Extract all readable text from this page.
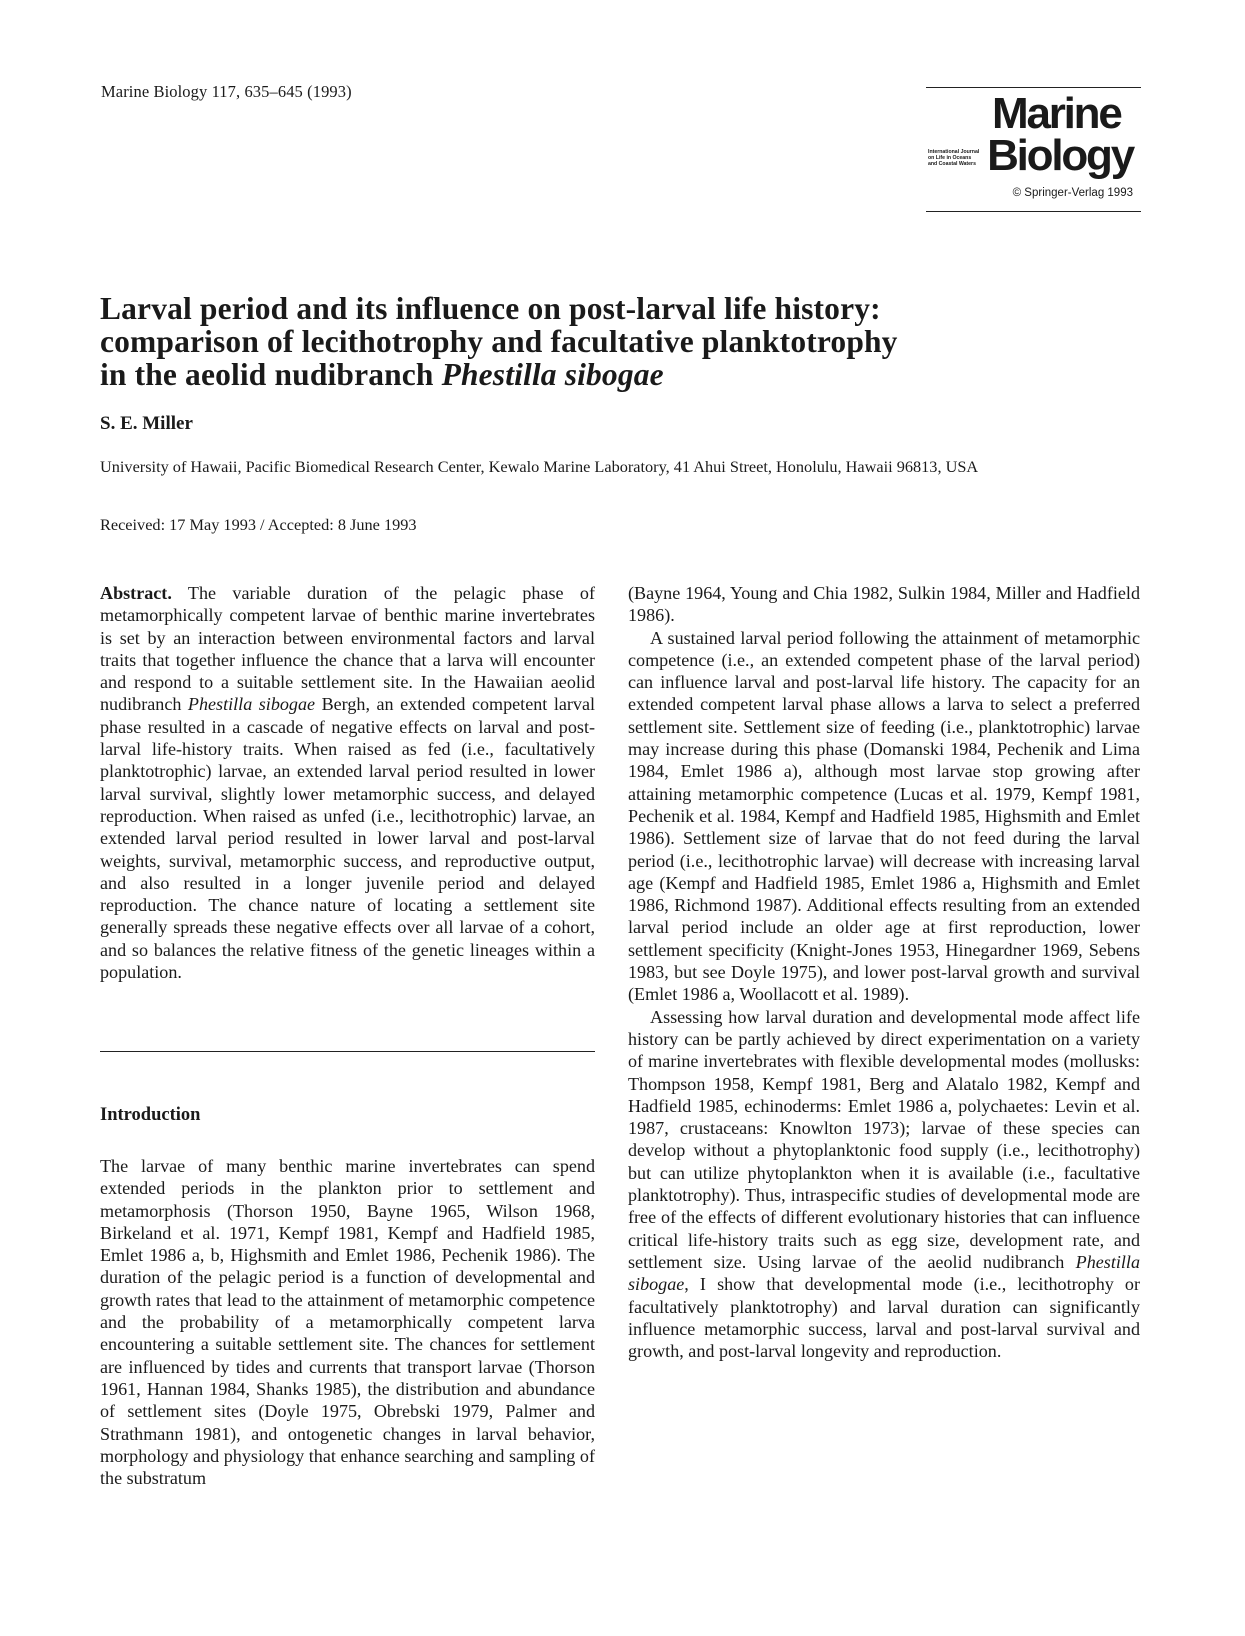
Marine Biology 117, 635–645 (1993)	Marine
Biology
International Journal
on Life in Oceans
and Coastal Waters
© Springer-Verlag 1993
Larval period and its influence on post-larval life history:
comparison of lecithotrophy and facultative planktotrophy
in the aeolid nudibranch Phestilla sibogae
S. E. Miller
University of Hawaii, Pacific Biomedical Research Center, Kewalo Marine Laboratory, 41 Ahui Street, Honolulu, Hawaii 96813, USA
Received: 17 May 1993 / Accepted: 8 June 1993

Abstract. The variable duration of the pelagic phase of metamorphically competent larvae of benthic marine invertebrates is set by an interaction between environmental factors and larval traits that together influence the chance that a larva will encounter and respond to a suitable settlement site. In the Hawaiian aeolid nudibranch Phestilla sibogae Bergh, an extended competent larval phase resulted in a cascade of negative effects on larval and post-larval life-history traits. When raised as fed (i.e., facultatively planktotrophic) larvae, an extended larval period resulted in lower larval survival, slightly lower metamorphic success, and delayed reproduction. When raised as unfed (i.e., lecithotrophic) larvae, an extended larval period resulted in lower larval and post-larval weights, survival, metamorphic success, and reproductive output, and also resulted in a longer juvenile period and delayed reproduction. The chance nature of locating a settlement site generally spreads these negative effects over all larvae of a cohort, and so balances the relative fitness of the genetic lineages within a population.

Introduction

The larvae of many benthic marine invertebrates can spend extended periods in the plankton prior to settlement and metamorphosis (Thorson 1950, Bayne 1965, Wilson 1968, Birkeland et al. 1971, Kempf 1981, Kempf and Hadfield 1985, Emlet 1986 a, b, Highsmith and Emlet 1986, Pechenik 1986). The duration of the pelagic period is a function of developmental and growth rates that lead to the attainment of metamorphic competence and the probability of a metamorphically competent larva encountering a suitable settlement site. The chances for settlement are influenced by tides and currents that transport larvae (Thorson 1961, Hannan 1984, Shanks 1985), the distribution and abundance of settlement sites (Doyle 1975, Obrebski 1979, Palmer and Strathmann 1981), and ontogenetic changes in larval behavior, morphology and physiology that enhance searching and sampling of the substratum

(Bayne 1964, Young and Chia 1982, Sulkin 1984, Miller and Hadfield 1986).

A sustained larval period following the attainment of metamorphic competence (i.e., an extended competent phase of the larval period) can influence larval and post-larval life history. The capacity for an extended competent larval phase allows a larva to select a preferred settlement site. Settlement size of feeding (i.e., planktotrophic) larvae may increase during this phase (Domanski 1984, Pechenik and Lima 1984, Emlet 1986 a), although most larvae stop growing after attaining metamorphic competence (Lucas et al. 1979, Kempf 1981, Pechenik et al. 1984, Kempf and Hadfield 1985, Highsmith and Emlet 1986). Settlement size of larvae that do not feed during the larval period (i.e., lecithotrophic larvae) will decrease with increasing larval age (Kempf and Hadfield 1985, Emlet 1986 a, Highsmith and Emlet 1986, Richmond 1987). Additional effects resulting from an extended larval period include an older age at first reproduction, lower settlement specificity (Knight-Jones 1953, Hinegardner 1969, Sebens 1983, but see Doyle 1975), and lower post-larval growth and survival (Emlet 1986 a, Woollacott et al. 1989).

Assessing how larval duration and developmental mode affect life history can be partly achieved by direct experimentation on a variety of marine invertebrates with flexible developmental modes (mollusks: Thompson 1958, Kempf 1981, Berg and Alatalo 1982, Kempf and Hadfield 1985, echinoderms: Emlet 1986 a, polychaetes: Levin et al. 1987, crustaceans: Knowlton 1973); larvae of these species can develop without a phytoplanktonic food supply (i.e., lecithotrophy) but can utilize phytoplankton when it is available (i.e., facultative planktotrophy). Thus, intraspecific studies of developmental mode are free of the effects of different evolutionary histories that can influence critical life-history traits such as egg size, development rate, and settlement size. Using larvae of the aeolid nudibranch Phestilla sibogae, I show that developmental mode (i.e., lecithotrophy or facultatively planktotrophy) and larval duration can significantly influence metamorphic success, larval and post-larval survival and growth, and post-larval longevity and reproduction.
